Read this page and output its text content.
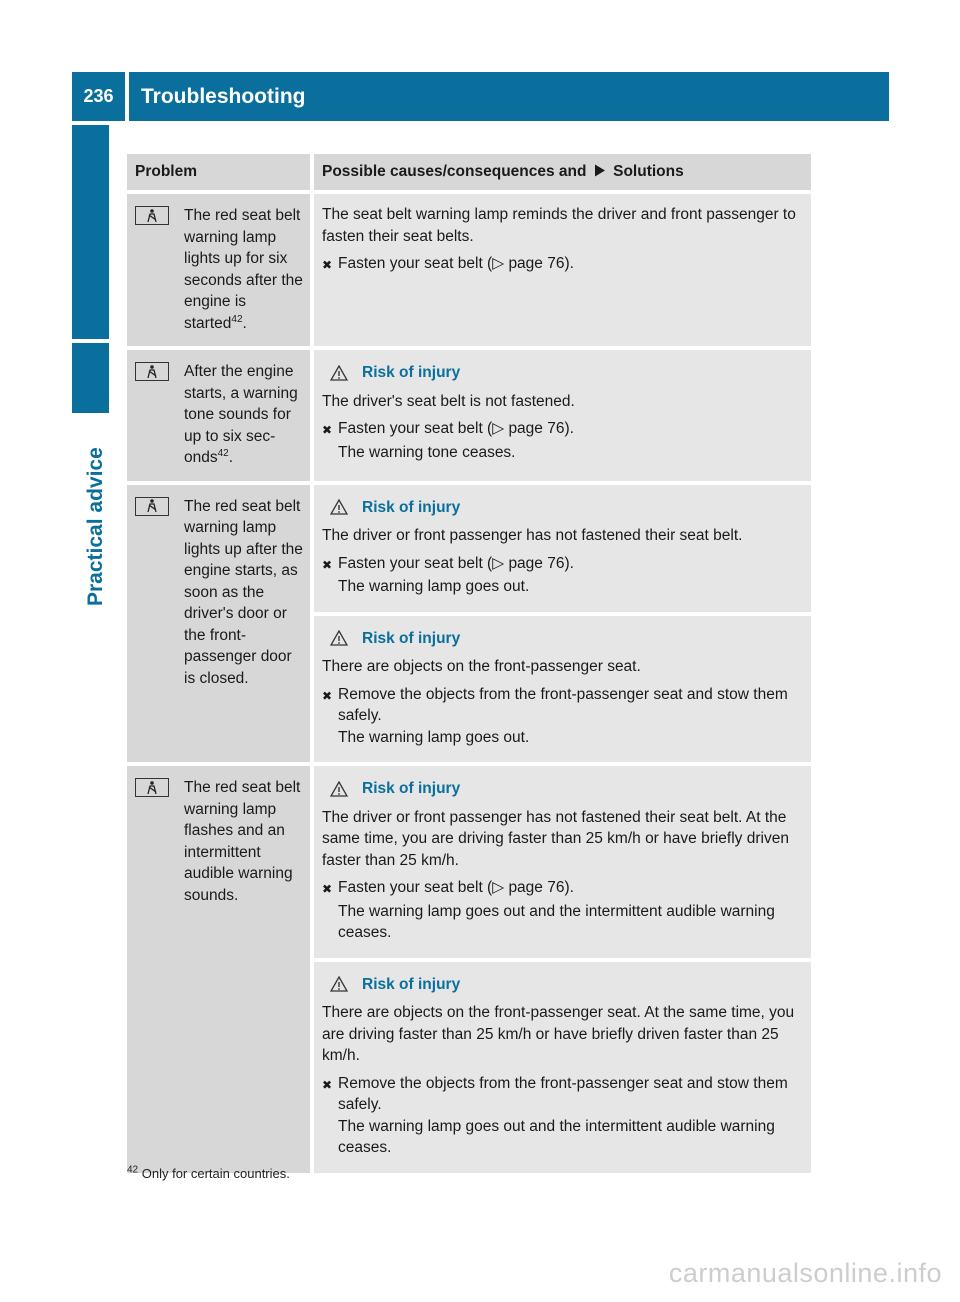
236	Troubleshooting
Practical advice
Problem	Possible causes/consequences and Solutions

The red seat belt warning lamp lights up for six seconds after the engine is started$^{42}$.	The seat belt warning lamp reminds the driver and front passenger to fasten their seat belts.
✖ Fasten your seat belt (▷ page 76).

After the engine starts, a warning tone sounds for up to six sec-onds$^{42}$.	Risk of injury
The driver's seat belt is not fastened.
✖ Fasten your seat belt (▷ page 76).
The warning tone ceases.

The red seat belt warning lamp lights up after the engine starts, as soon as the driver's door or the front-passenger door is closed.	Risk of injury
The driver or front passenger has not fastened their seat belt.
✖ Fasten your seat belt (▷ page 76).
The warning lamp goes out.

	Risk of injury
There are objects on the front-passenger seat.
✖ Remove the objects from the front-passenger seat and stow them safely.
The warning lamp goes out.

The red seat belt warning lamp flashes and an intermittent audible warning sounds.	Risk of injury
The driver or front passenger has not fastened their seat belt. At the same time, you are driving faster than 25 km/h or have briefly driven faster than 25 km/h.
✖ Fasten your seat belt (▷ page 76).
The warning lamp goes out and the intermittent audible warning ceases.

	Risk of injury
There are objects on the front-passenger seat. At the same time, you are driving faster than 25 km/h or have briefly driven faster than 25 km/h.
✖ Remove the objects from the front-passenger seat and stow them safely.
The warning lamp goes out and the intermittent audible warning ceases.
$^{42}$ Only for certain countries.
carmanualsonline.info
